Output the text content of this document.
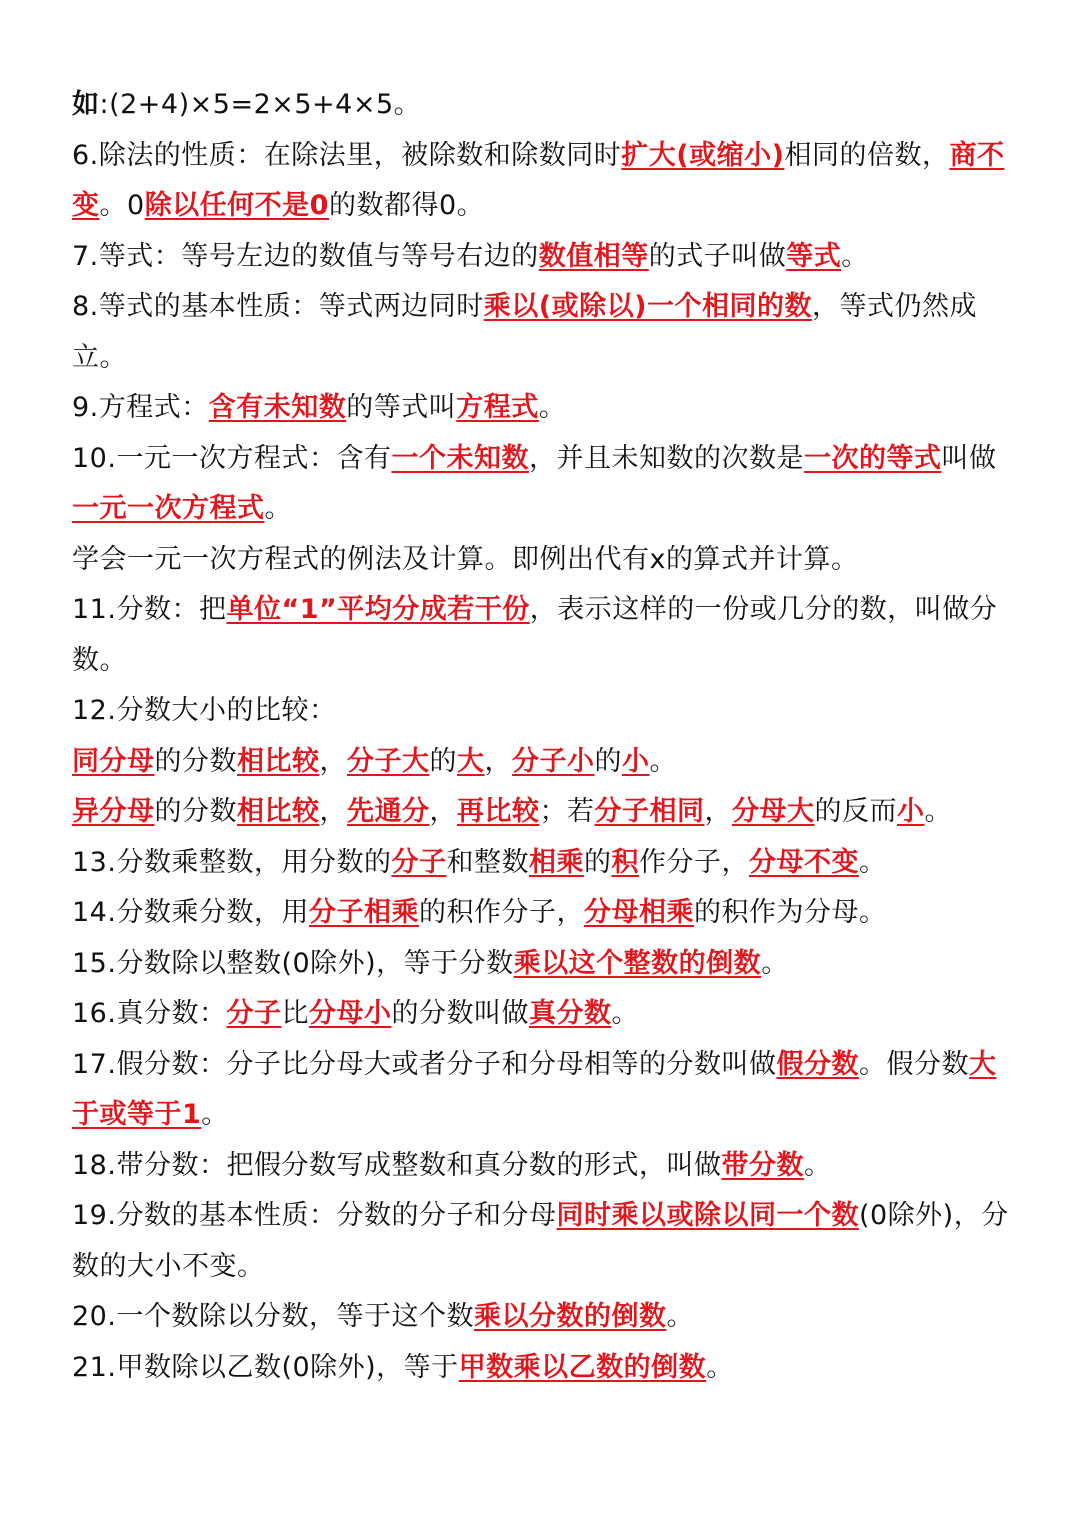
如:(2+4)×5=2×5+4×5。

6.除法的性质：在除法里，被除数和除数同时扩大(或缩小)相同的倍数，商不变。0除以任何不是0的数都得0。

7.等式：等号左边的数值与等号右边的数值相等的式子叫做等式。

8.等式的基本性质：等式两边同时乘以(或除以)一个相同的数，等式仍然成立。

9.方程式：含有未知数的等式叫方程式。

10.一元一次方程式：含有一个未知数，并且未知数的次数是一次的等式叫做一元一次方程式。

学会一元一次方程式的例法及计算。即例出代有x的算式并计算。

11.分数：把单位“1”平均分成若干份，表示这样的一份或几分的数，叫做分数。

12.分数大小的比较：

同分母的分数相比较，分子大的大，分子小的小。

异分母的分数相比较，先通分，再比较；若分子相同，分母大的反而小。

13.分数乘整数，用分数的分子和整数相乘的积作分子，分母不变。

14.分数乘分数，用分子相乘的积作分子，分母相乘的积作为分母。

15.分数除以整数(0除外)，等于分数乘以这个整数的倒数。

16.真分数：分子比分母小的分数叫做真分数。

17.假分数：分子比分母大或者分子和分母相等的分数叫做假分数。假分数大于或等于1。

18.带分数：把假分数写成整数和真分数的形式，叫做带分数。

19.分数的基本性质：分数的分子和分母同时乘以或除以同一个数(0除外)，分数的大小不变。

20.一个数除以分数，等于这个数乘以分数的倒数。

21.甲数除以乙数(0除外)，等于甲数乘以乙数的倒数。
